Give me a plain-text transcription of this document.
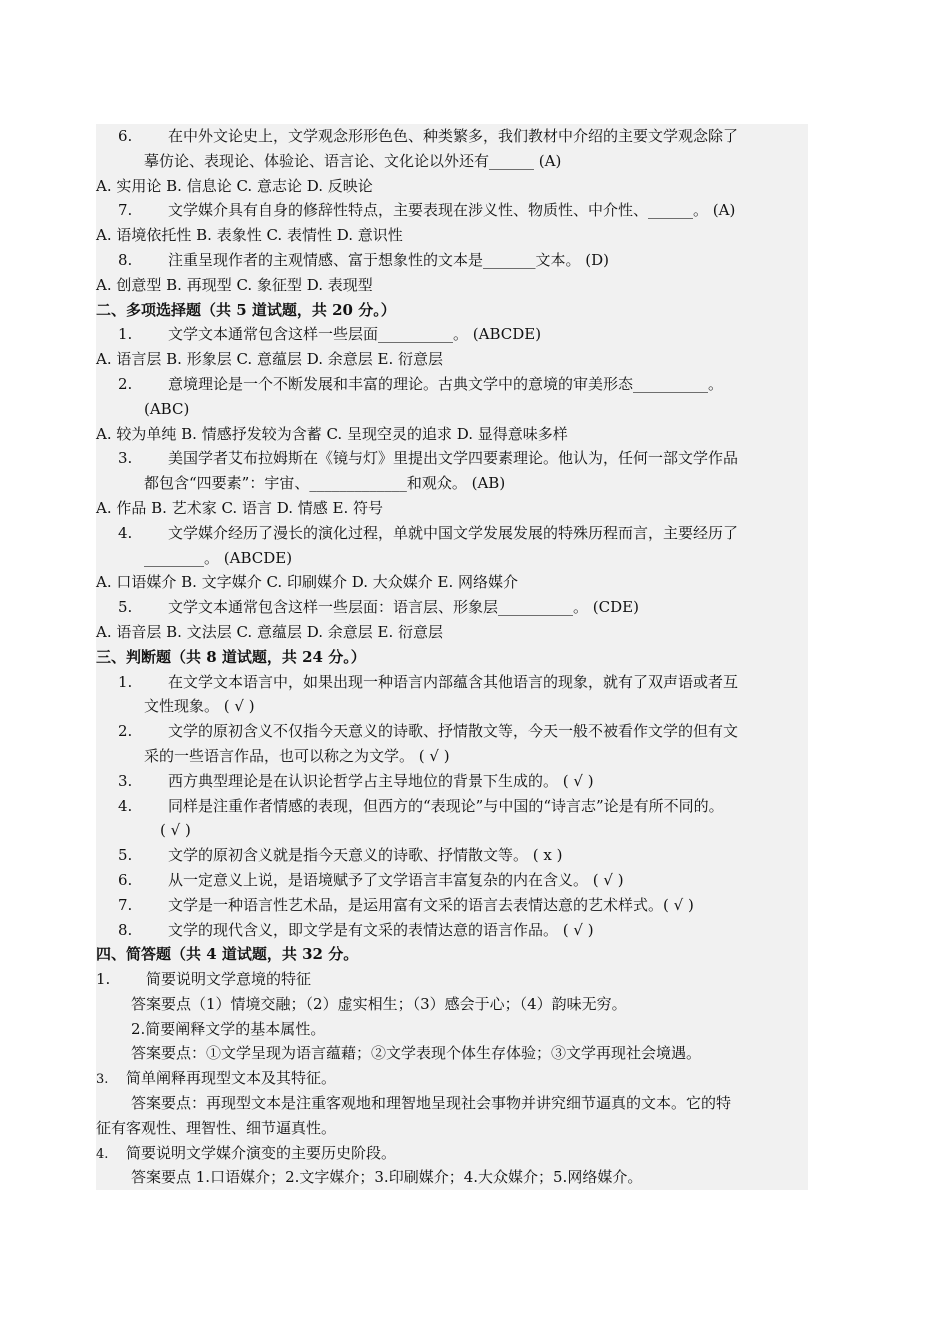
6. 在中外文论史上，文学观念形形色色、种类繁多，我们教材中介绍的主要文学观念除了
摹仿论、表现论、体验论、语言论、文化论以外还有______ (A)
A. 实用论 B. 信息论 C. 意志论 D. 反映论
7. 文学媒介具有自身的修辞性特点，主要表现在涉义性、物质性、中介性、______。 (A)
A. 语境依托性 B. 表象性 C. 表情性 D. 意识性
8. 注重呈现作者的主观情感、富于想象性的文本是_______文本。 (D)
A. 创意型 B. 再现型 C. 象征型 D. 表现型
二、多项选择题（共 5 道试题，共 20 分。）
1. 文学文本通常包含这样一些层面__________。 (ABCDE)
A. 语言层 B. 形象层 C. 意蕴层 D. 余意层 E. 衍意层
2. 意境理论是一个不断发展和丰富的理论。古典文学中的意境的审美形态__________。
(ABC)
A. 较为单纯 B. 情感抒发较为含蓄 C. 呈现空灵的追求 D. 显得意味多样
3. 美国学者艾布拉姆斯在《镜与灯》里提出文学四要素理论。他认为，任何一部文学作品
都包含“四要素”：宇宙、_____________和观众。 (AB)
A. 作品 B. 艺术家 C. 语言 D. 情感 E. 符号
4. 文学媒介经历了漫长的演化过程，单就中国文学发展发展的特殊历程而言，主要经历了
________。 (ABCDE)
A. 口语媒介 B. 文字媒介 C. 印刷媒介 D. 大众媒介 E. 网络媒介
5. 文学文本通常包含这样一些层面：语言层、形象层__________。 (CDE)
A. 语音层 B. 文法层 C. 意蕴层 D. 余意层 E. 衍意层
三、判断题（共 8 道试题，共 24 分。）
1. 在文学文本语言中，如果出现一种语言内部蕴含其他语言的现象，就有了双声语或者互
文性现象。 ( √ )
2. 文学的原初含义不仅指今天意义的诗歌、抒情散文等，今天一般不被看作文学的但有文
采的一些语言作品，也可以称之为文学。 ( √ )
3. 西方典型理论是在认识论哲学占主导地位的背景下生成的。 ( √ )
4. 同样是注重作者情感的表现，但西方的“表现论”与中国的“诗言志”论是有所不同的。
( √ )
5. 文学的原初含义就是指今天意义的诗歌、抒情散文等。 ( x )
6. 从一定意义上说，是语境赋予了文学语言丰富复杂的内在含义。 ( √ )
7. 文学是一种语言性艺术品，是运用富有文采的语言去表情达意的艺术样式。( √ )
8. 文学的现代含义，即文学是有文采的表情达意的语言作品。 ( √ )
四、简答题（共 4 道试题，共 32 分。
1. 简要说明文学意境的特征
答案要点（1）情境交融；（2）虚实相生；（3）感会于心；（4）韵味无穷。
2.简要阐释文学的基本属性。
答案要点：①文学呈现为语言蕴藉；②文学表现个体生存体验；③文学再现社会境遇。
3. 简单阐释再现型文本及其特征。
答案要点：再现型文本是注重客观地和理智地呈现社会事物并讲究细节逼真的文本。它的特
征有客观性、理智性、细节逼真性。
4. 简要说明文学媒介演变的主要历史阶段。
答案要点 1.口语媒介；2.文字媒介；3.印刷媒介；4.大众媒介；5.网络媒介。
